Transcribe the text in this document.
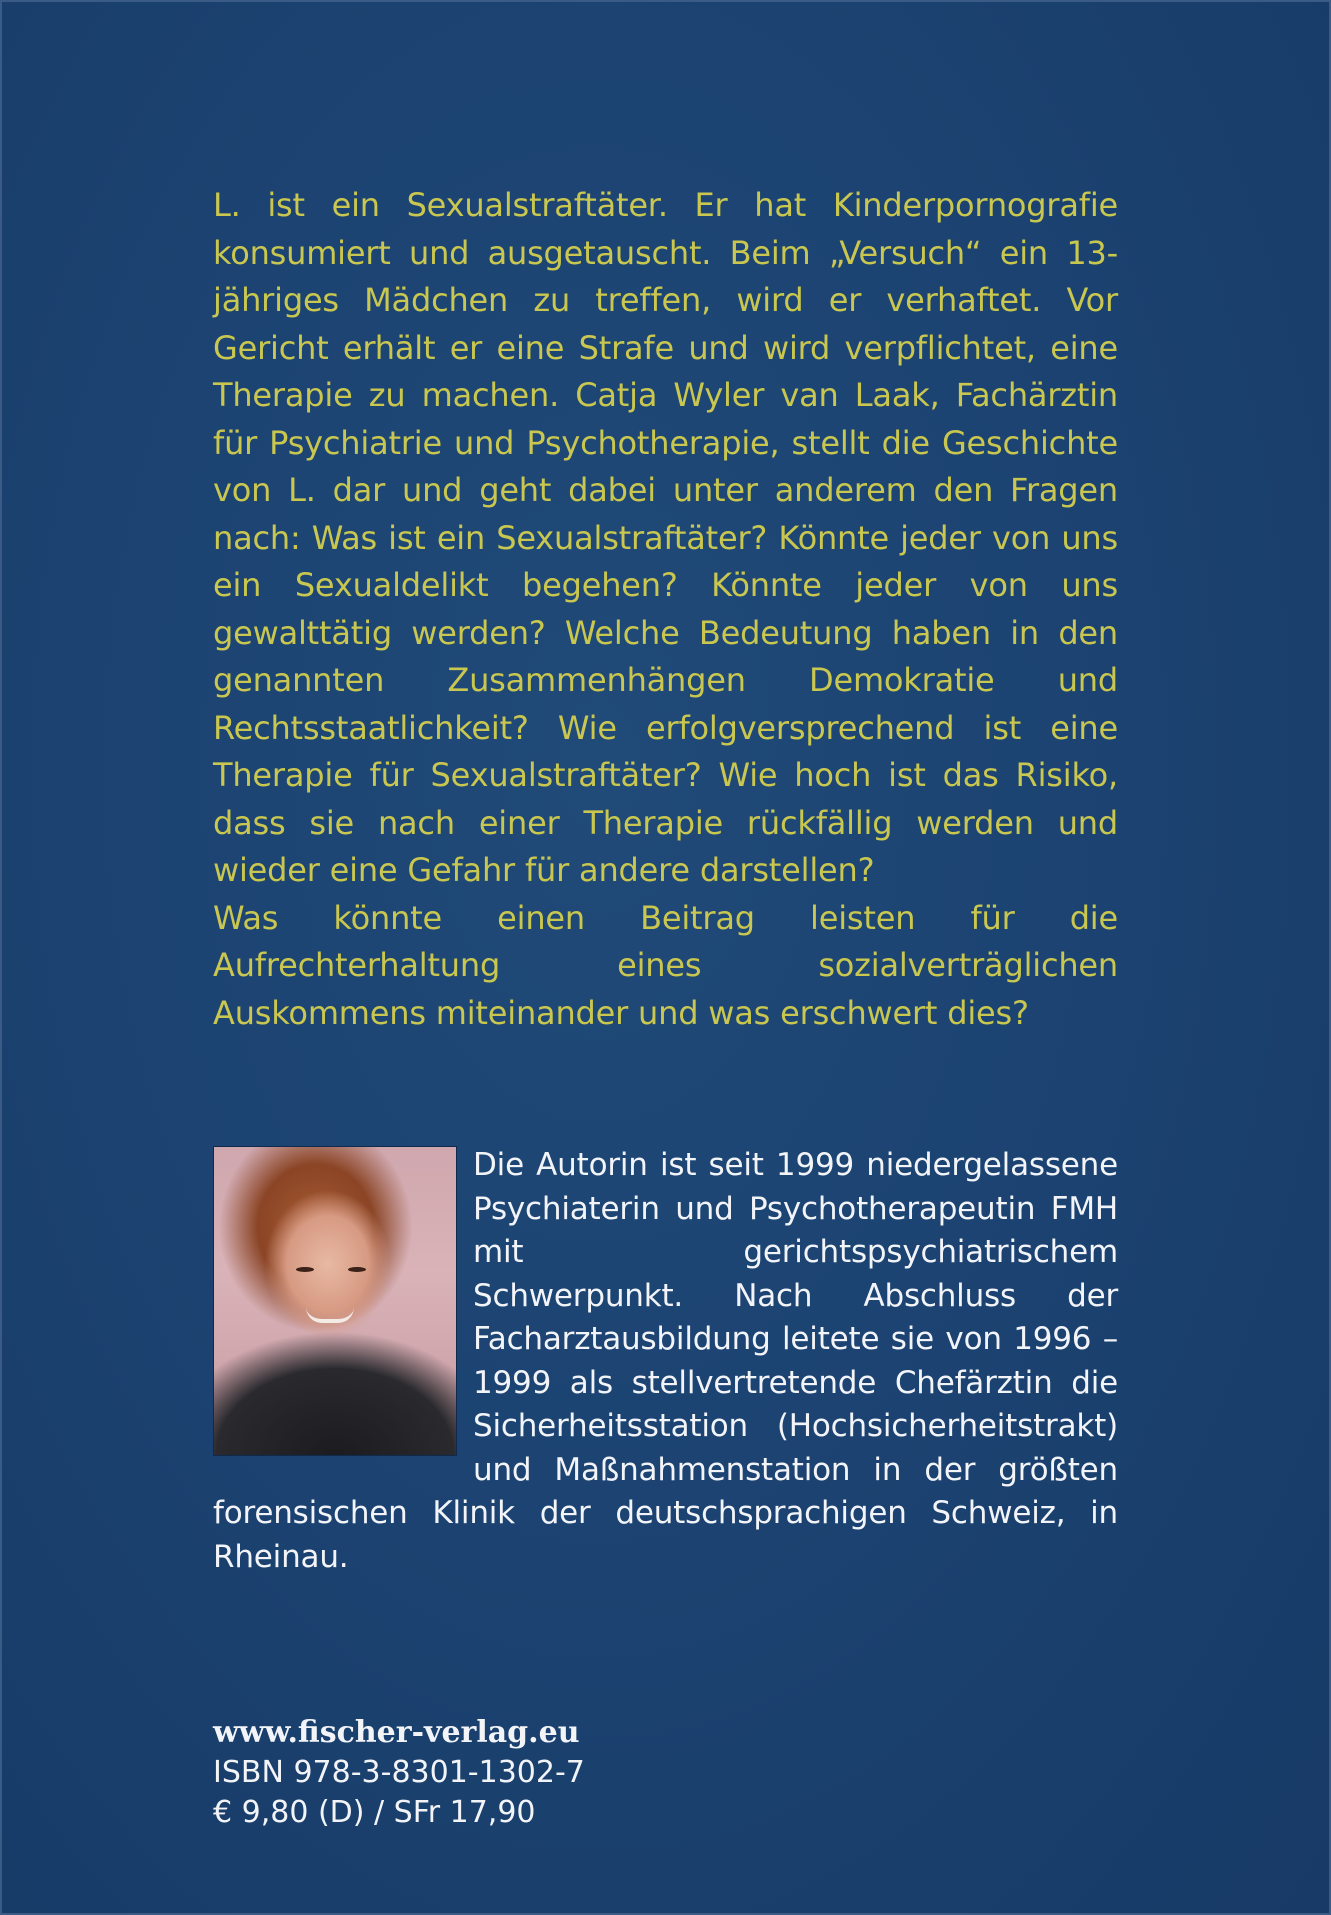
L. ist ein Sexualstraftäter. Er hat Kinderpornografie konsumiert und ausgetauscht. Beim „Versuch“ ein 13-jähriges Mädchen zu treffen, wird er verhaftet. Vor Gericht erhält er eine Strafe und wird verpflichtet, eine Therapie zu machen. Catja Wyler van Laak, Fachärztin für Psychiatrie und Psychotherapie, stellt die Geschichte von L. dar und geht dabei unter anderem den Fragen nach: Was ist ein Sexualstraftäter? Könnte jeder von uns ein Sexualdelikt begehen? Könnte jeder von uns gewalttätig werden? Welche Bedeutung haben in den genannten Zusammenhängen Demokratie und Rechtsstaatlichkeit? Wie erfolgversprechend ist eine Therapie für Sexualstraftäter? Wie hoch ist das Risiko, dass sie nach einer Therapie rückfällig werden und wieder eine Gefahr für andere darstellen?
Was könnte einen Beitrag leisten für die Aufrechterhaltung eines sozialverträglichen Auskommens miteinander und was erschwert dies?

Die Autorin ist seit 1999 niedergelassene Psychiaterin und Psychotherapeutin FMH mit gerichtspsychiatrischem Schwerpunkt. Nach Abschluss der Facharztausbildung leitete sie von 1996 – 1999 als stellvertretende Chefärztin die Sicherheitsstation (Hochsicherheitstrakt) und Maßnahmenstation in der größten forensischen Klinik der deutschsprachigen Schweiz, in Rheinau.

www.fischer-verlag.eu
ISBN 978-3-8301-1302-7
€ 9,80 (D) / SFr 17,90
